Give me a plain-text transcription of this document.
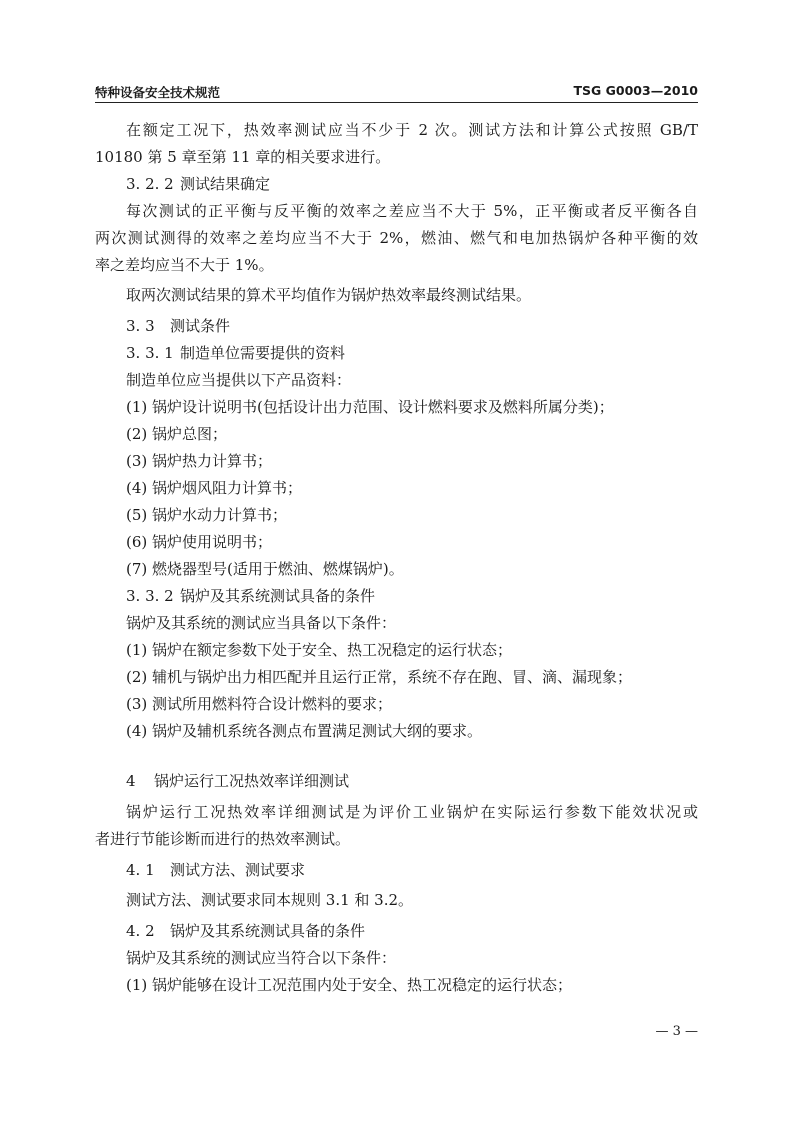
特种设备安全技术规范	TSG G0003—2010

在额定工况下，热效率测试应当不少于 2 次。测试方法和计算公式按照 GB/T

10180 第 5 章至第 11 章的相关要求进行。

3. 2. 2 测试结果确定

每次测试的正平衡与反平衡的效率之差应当不大于 5%，正平衡或者反平衡各自

两次测试测得的效率之差均应当不大于 2%，燃油、燃气和电加热锅炉各种平衡的效

率之差均应当不大于 1%。

取两次测试结果的算术平均值作为锅炉热效率最终测试结果。

3. 3 测试条件

3. 3. 1 制造单位需要提供的资料

制造单位应当提供以下产品资料：

(1) 锅炉设计说明书(包括设计出力范围、设计燃料要求及燃料所属分类)；

(2) 锅炉总图；

(3) 锅炉热力计算书；

(4) 锅炉烟风阻力计算书；

(5) 锅炉水动力计算书；

(6) 锅炉使用说明书；

(7) 燃烧器型号(适用于燃油、燃煤锅炉)。

3. 3. 2 锅炉及其系统测试具备的条件

锅炉及其系统的测试应当具备以下条件：

(1) 锅炉在额定参数下处于安全、热工况稳定的运行状态；

(2) 辅机与锅炉出力相匹配并且运行正常，系统不存在跑、冒、滴、漏现象；

(3) 测试所用燃料符合设计燃料的要求；

(4) 锅炉及辅机系统各测点布置满足测试大纲的要求。

4 锅炉运行工况热效率详细测试

锅炉运行工况热效率详细测试是为评价工业锅炉在实际运行参数下能效状况或

者进行节能诊断而进行的热效率测试。

4. 1 测试方法、测试要求

测试方法、测试要求同本规则 3.1 和 3.2。

4. 2 锅炉及其系统测试具备的条件

锅炉及其系统的测试应当符合以下条件：

(1) 锅炉能够在设计工况范围内处于安全、热工况稳定的运行状态；

— 3 —
